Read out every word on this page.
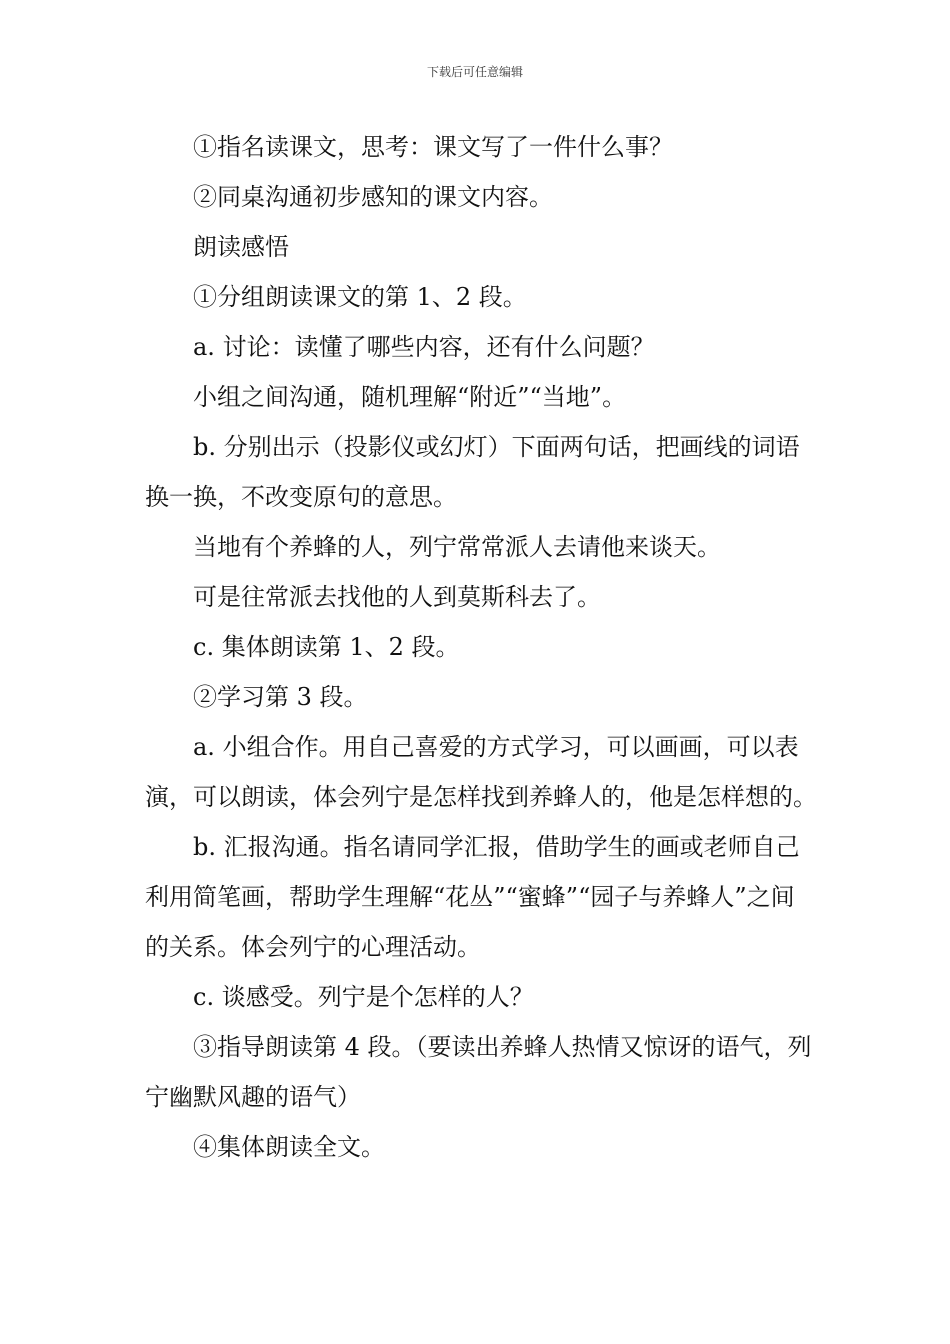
下载后可任意编辑

①指名读课文，思考：课文写了一件什么事？

②同桌沟通初步感知的课文内容。

朗读感悟

①分组朗读课文的第 1、2 段。

a. 讨论：读懂了哪些内容，还有什么问题？

小组之间沟通，随机理解“附近”“当地”。

b. 分别出示（投影仪或幻灯）下面两句话，把画线的词语换一换，不改变原句的意思。

当地有个养蜂的人，列宁常常派人去请他来谈天。

可是往常派去找他的人到莫斯科去了。

c. 集体朗读第 1、2 段。

②学习第 3 段。

a. 小组合作。用自己喜爱的方式学习，可以画画，可以表演，可以朗读，体会列宁是怎样找到养蜂人的，他是怎样想的。

b. 汇报沟通。指名请同学汇报，借助学生的画或老师自己利用简笔画，帮助学生理解“花丛”“蜜蜂”“园子与养蜂人”之间的关系。体会列宁的心理活动。

c. 谈感受。列宁是个怎样的人？

③指导朗读第 4 段。（要读出养蜂人热情又惊讶的语气，列宁幽默风趣的语气）

④集体朗读全文。
